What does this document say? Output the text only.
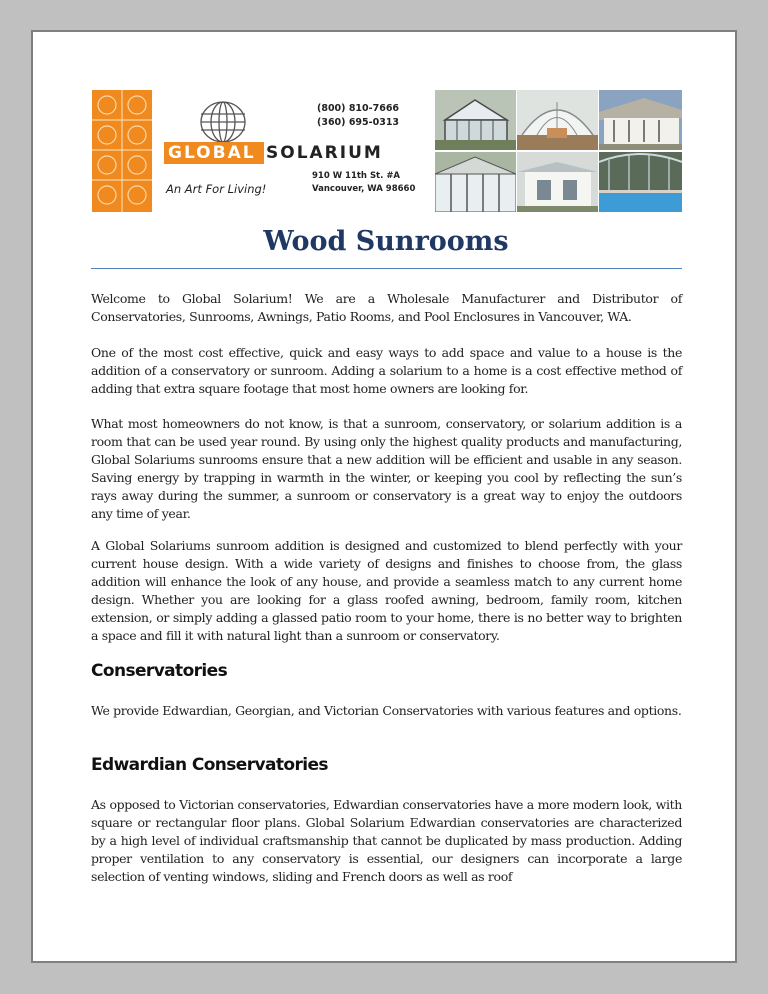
GLOBAL SOLARIUM
An Art For Living!
(800) 810-7666
(360) 695-0313
910 W 11th St. #A
Vancouver, WA 98660
Wood Sunrooms

Welcome to Global Solarium! We are a Wholesale Manufacturer and Distributor of Conservatories, Sunrooms, Awnings, Patio Rooms, and Pool Enclosures in Vancouver, WA.

One of the most cost effective, quick and easy ways to add space and value to a house is the addition of a conservatory or sunroom. Adding a solarium to a home is a cost effective method of adding that extra square footage that most home owners are looking for.

What most homeowners do not know, is that a sunroom, conservatory, or solarium addition is a room that can be used year round. By using only the highest quality products and manufacturing, Global Solariums sunrooms ensure that a new addition will be efficient and usable in any season. Saving energy by trapping in warmth in the winter, or keeping you cool by reflecting the sun’s rays away during the summer, a sunroom or conservatory is a great way to enjoy the outdoors any time of year.

A Global Solariums sunroom addition is designed and customized to blend perfectly with your current house design. With a wide variety of designs and finishes to choose from, the glass addition will enhance the look of any house, and provide a seamless match to any current home design. Whether you are looking for a glass roofed awning, bedroom, family room, kitchen extension, or simply adding a glassed patio room to your home, there is no better way to brighten a space and fill it with natural light than a sunroom or conservatory.

Conservatories

We provide Edwardian, Georgian, and Victorian Conservatories with various features and options.

Edwardian Conservatories

As opposed to Victorian conservatories, Edwardian conservatories have a more modern look, with square or rectangular floor plans. Global Solarium Edwardian conservatories are characterized by a high level of individual craftsmanship that cannot be duplicated by mass production. Adding proper ventilation to any conservatory is essential, our designers can incorporate a large selection of venting windows, sliding and French doors as well as roof
